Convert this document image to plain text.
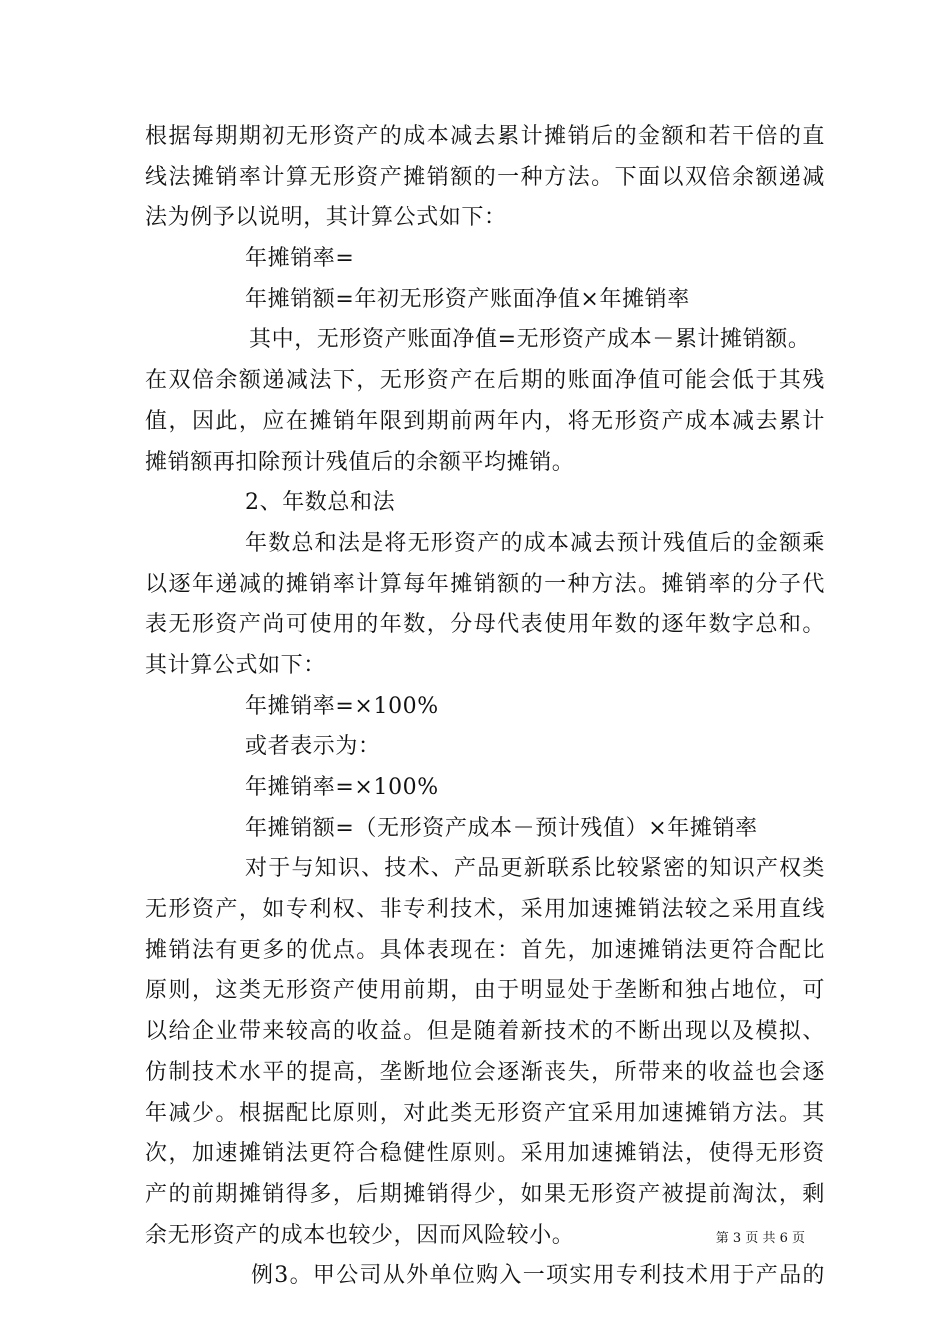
根据每期期初无形资产的成本减去累计摊销后的金额和若干倍的直
线法摊销率计算无形资产摊销额的一种方法。下面以双倍余额递减
法为例予以说明，其计算公式如下：
年摊销率=
年摊销额=年初无形资产账面净值×年摊销率
其中，无形资产账面净值=无形资产成本－累计摊销额。
在双倍余额递减法下，无形资产在后期的账面净值可能会低于其残
值，因此，应在摊销年限到期前两年内，将无形资产成本减去累计
摊销额再扣除预计残值后的余额平均摊销。
2、年数总和法
年数总和法是将无形资产的成本减去预计残值后的金额乘
以逐年递减的摊销率计算每年摊销额的一种方法。摊销率的分子代
表无形资产尚可使用的年数，分母代表使用年数的逐年数字总和。
其计算公式如下：
年摊销率=×100%
或者表示为：
年摊销率=×100%
年摊销额=（无形资产成本－预计残值）×年摊销率
对于与知识、技术、产品更新联系比较紧密的知识产权类
无形资产，如专利权、非专利技术，采用加速摊销法较之采用直线
摊销法有更多的优点。具体表现在：首先，加速摊销法更符合配比
原则，这类无形资产使用前期，由于明显处于垄断和独占地位，可
以给企业带来较高的收益。但是随着新技术的不断出现以及模拟、
仿制技术水平的提高，垄断地位会逐渐丧失，所带来的收益也会逐
年减少。根据配比原则，对此类无形资产宜采用加速摊销方法。其
次，加速摊销法更符合稳健性原则。采用加速摊销法，使得无形资
产的前期摊销得多，后期摊销得少，如果无形资产被提前淘汰，剩
余无形资产的成本也较少，因而风险较小。
例3。甲公司从外单位购入一项实用专利技术用于产品的
第 3 页 共 6 页
